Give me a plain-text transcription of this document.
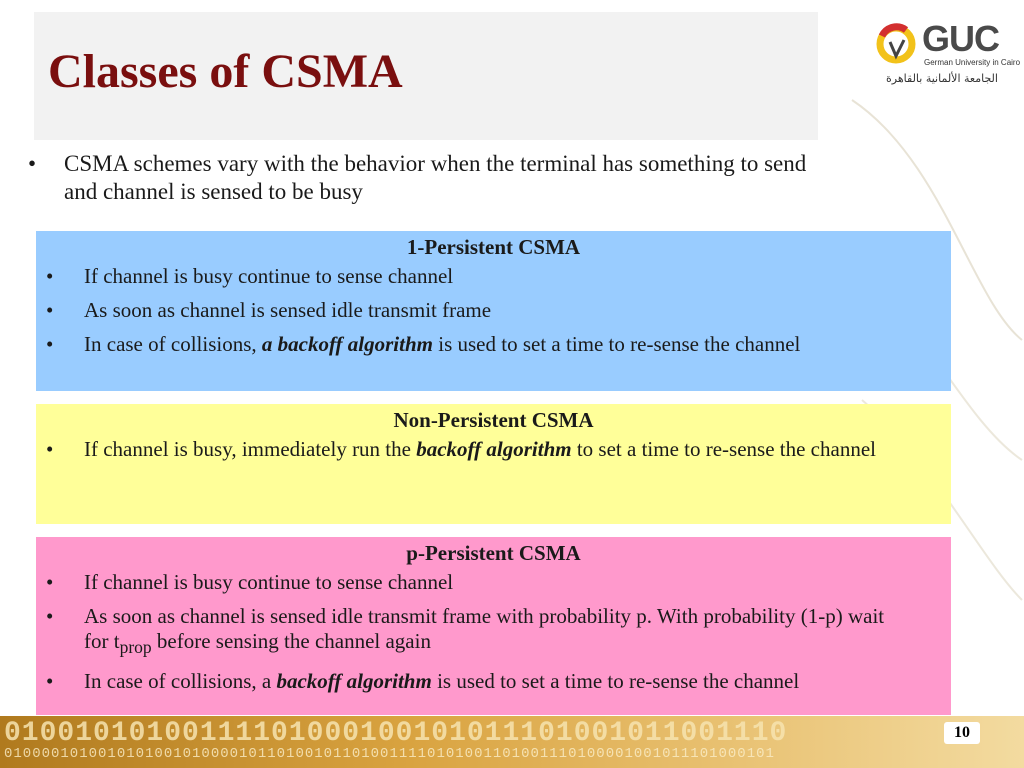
Classes of CSMA
GUC
German University in Cairo
الجامعة الألمانية بالقاهرة
• CSMA schemes vary with the behavior when the terminal has something to send and channel is sensed to be busy
1-Persistent CSMA
• If channel is busy continue to sense channel
• As soon as channel is sensed idle transmit frame
• In case of collisions, a backoff algorithm is used to set a time to re-sense the channel
Non-Persistent CSMA
• If channel is busy, immediately run the backoff algorithm to set a time to re-sense the channel
p-Persistent CSMA
• If channel is busy continue to sense channel
• As soon as channel is sensed idle transmit frame with probability p. With probability (1-p) wait for $t_{prop}$ before sensing the channel again
• In case of collisions, a backoff algorithm is used to set a time to re-sense the channel
01001010100111101000100101011101001011001110
0100001010010101001010000101101001011010011110101001101001110100001001011101000101
10
